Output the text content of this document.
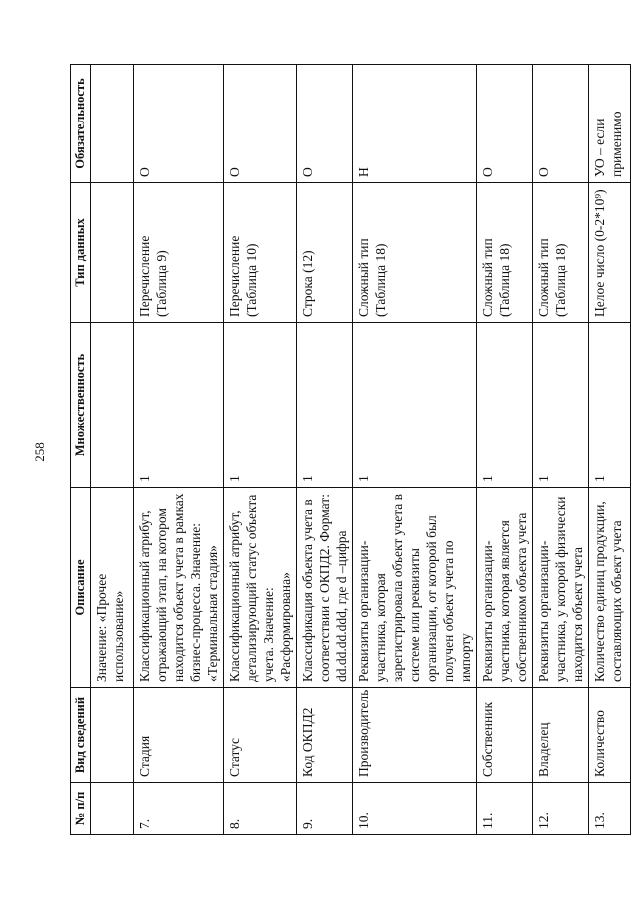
258
№ п/п	Вид сведений	Описание	Множественность	Тип данных	Обязательность
		Значение: «Прочее использование»			
7.	Стадия	Классификационный атрибут, отражающий этап, на котором находится объект учета в рамках бизнес-процесса. Значение: «Терминальная стадия»	1	Перечисление (Таблица 9)	О
8.	Статус	Классификационный атрибут, детализирующий статус объекта учета. Значение: «Расформирована»	1	Перечисление (Таблица 10)	О
9.	Код ОКПД2	Классификация объекта учета в соответствии с ОКПД2. Формат: dd.dd.dd.ddd, где d –цифра	1	Строка (12)	О
10.	Производитель	Реквизиты организации-участника, которая зарегистрировала объект учета в системе или реквизиты организации, от которой был получен объект учета по импорту	1	Сложный тип (Таблица 18)	Н
11.	Собственник	Реквизиты организации-участника, которая является собственником объекта учета	1	Сложный тип (Таблица 18)	О
12.	Владелец	Реквизиты организации-участника, у которой физически находится объект учета	1	Сложный тип (Таблица 18)	О
13.	Количество	Количество единиц продукции, составляющих объект учета	1	Целое число (0-2*10⁹)	УО – если применимо
